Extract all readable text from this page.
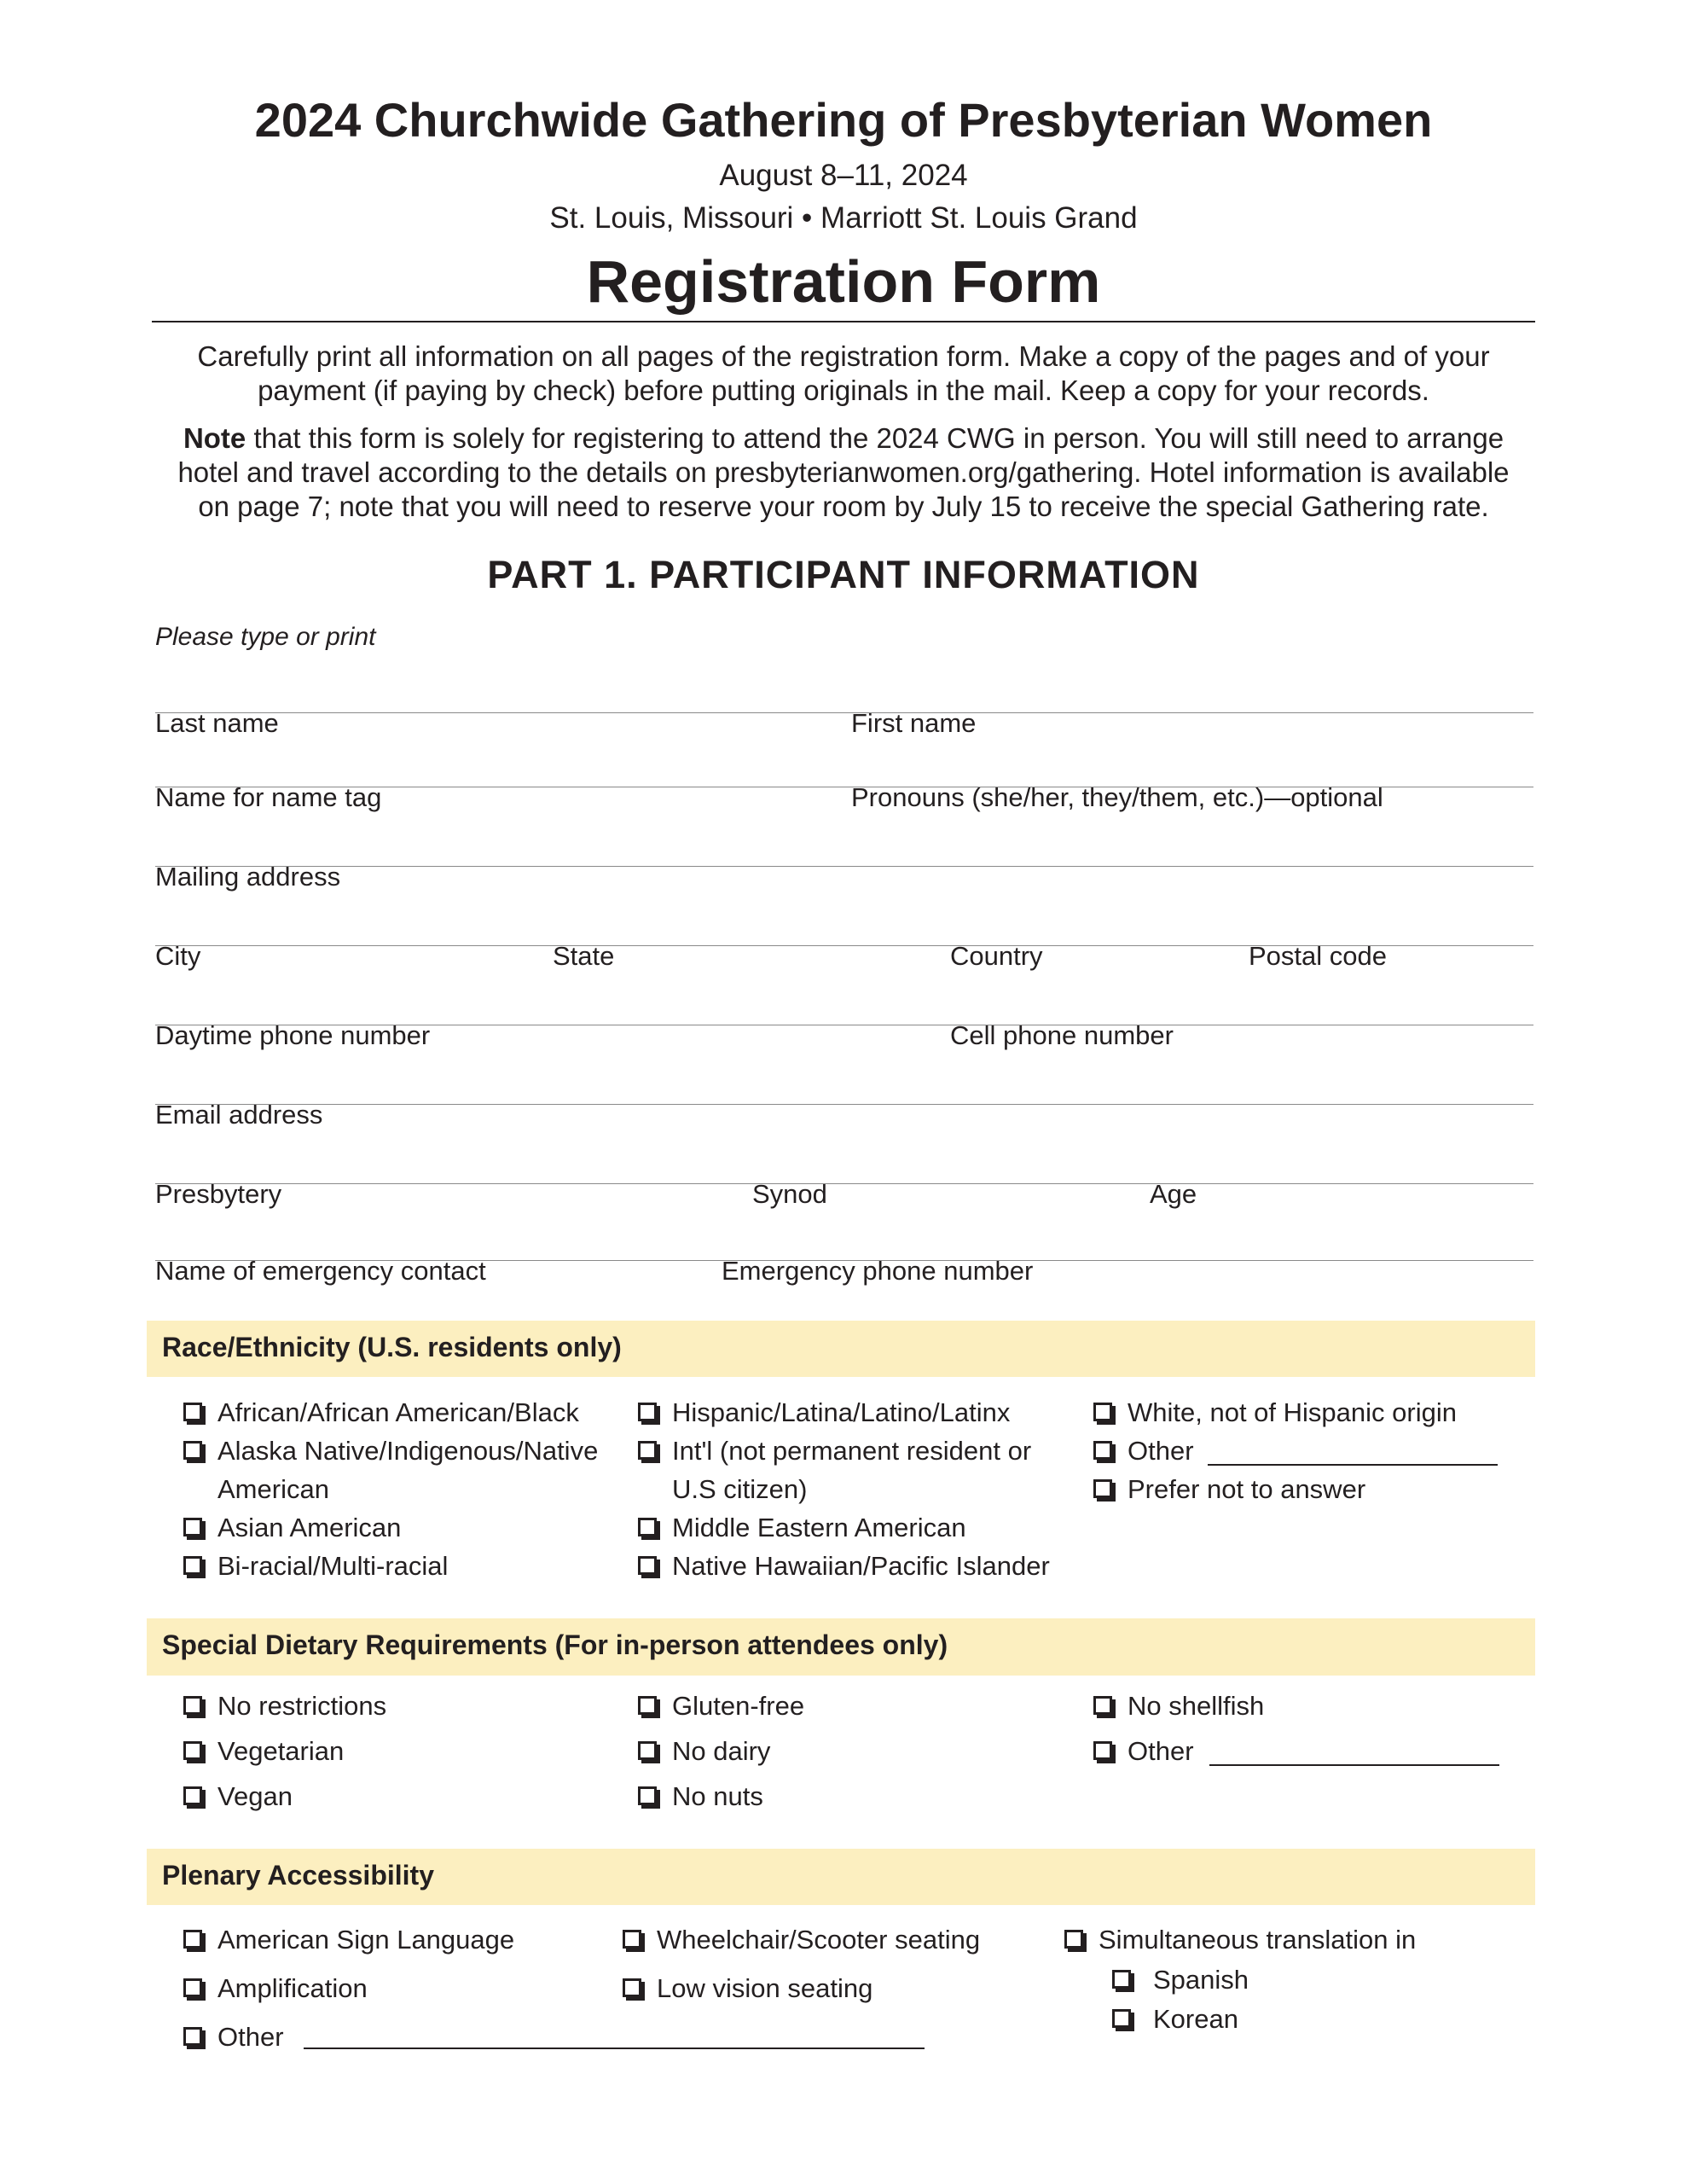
2024 Churchwide Gathering of Presbyterian Women
August 8–11, 2024
St. Louis, Missouri • Marriott St. Louis Grand
Registration Form
Carefully print all information on all pages of the registration form. Make a copy of the pages and of your
payment (if paying by check) before putting originals in the mail. Keep a copy for your records.
Note that this form is solely for registering to attend the 2024 CWG in person. You will still need to arrange
hotel and travel according to the details on presbyterianwomen.org/gathering. Hotel information is available
on page 7; note that you will need to reserve your room by July 15 to receive the special Gathering rate.
PART 1. PARTICIPANT INFORMATION
Please type or print
Last name	First name
Name for name tag	Pronouns (she/her, they/them, etc.)—optional
Mailing address
City	State	Country	Postal code
Daytime phone number	Cell phone number
Email address
Presbytery	Synod	Age
Name of emergency contact	Emergency phone number
Race/Ethnicity (U.S. residents only)
African/African American/Black
Alaska Native/Indigenous/Native
American
Asian American
Bi-racial/Multi-racial
Hispanic/Latina/Latino/Latinx
Int'l (not permanent resident or
U.S citizen)
Middle Eastern American
Native Hawaiian/Pacific Islander
White, not of Hispanic origin
Other
Prefer not to answer
Special Dietary Requirements (For in-person attendees only)
No restrictions
Vegetarian
Vegan
Gluten-free
No dairy
No nuts
No shellfish
Other
Plenary Accessibility
American Sign Language
Amplification
Other
Wheelchair/Scooter seating
Low vision seating
Simultaneous translation in
Spanish
Korean
